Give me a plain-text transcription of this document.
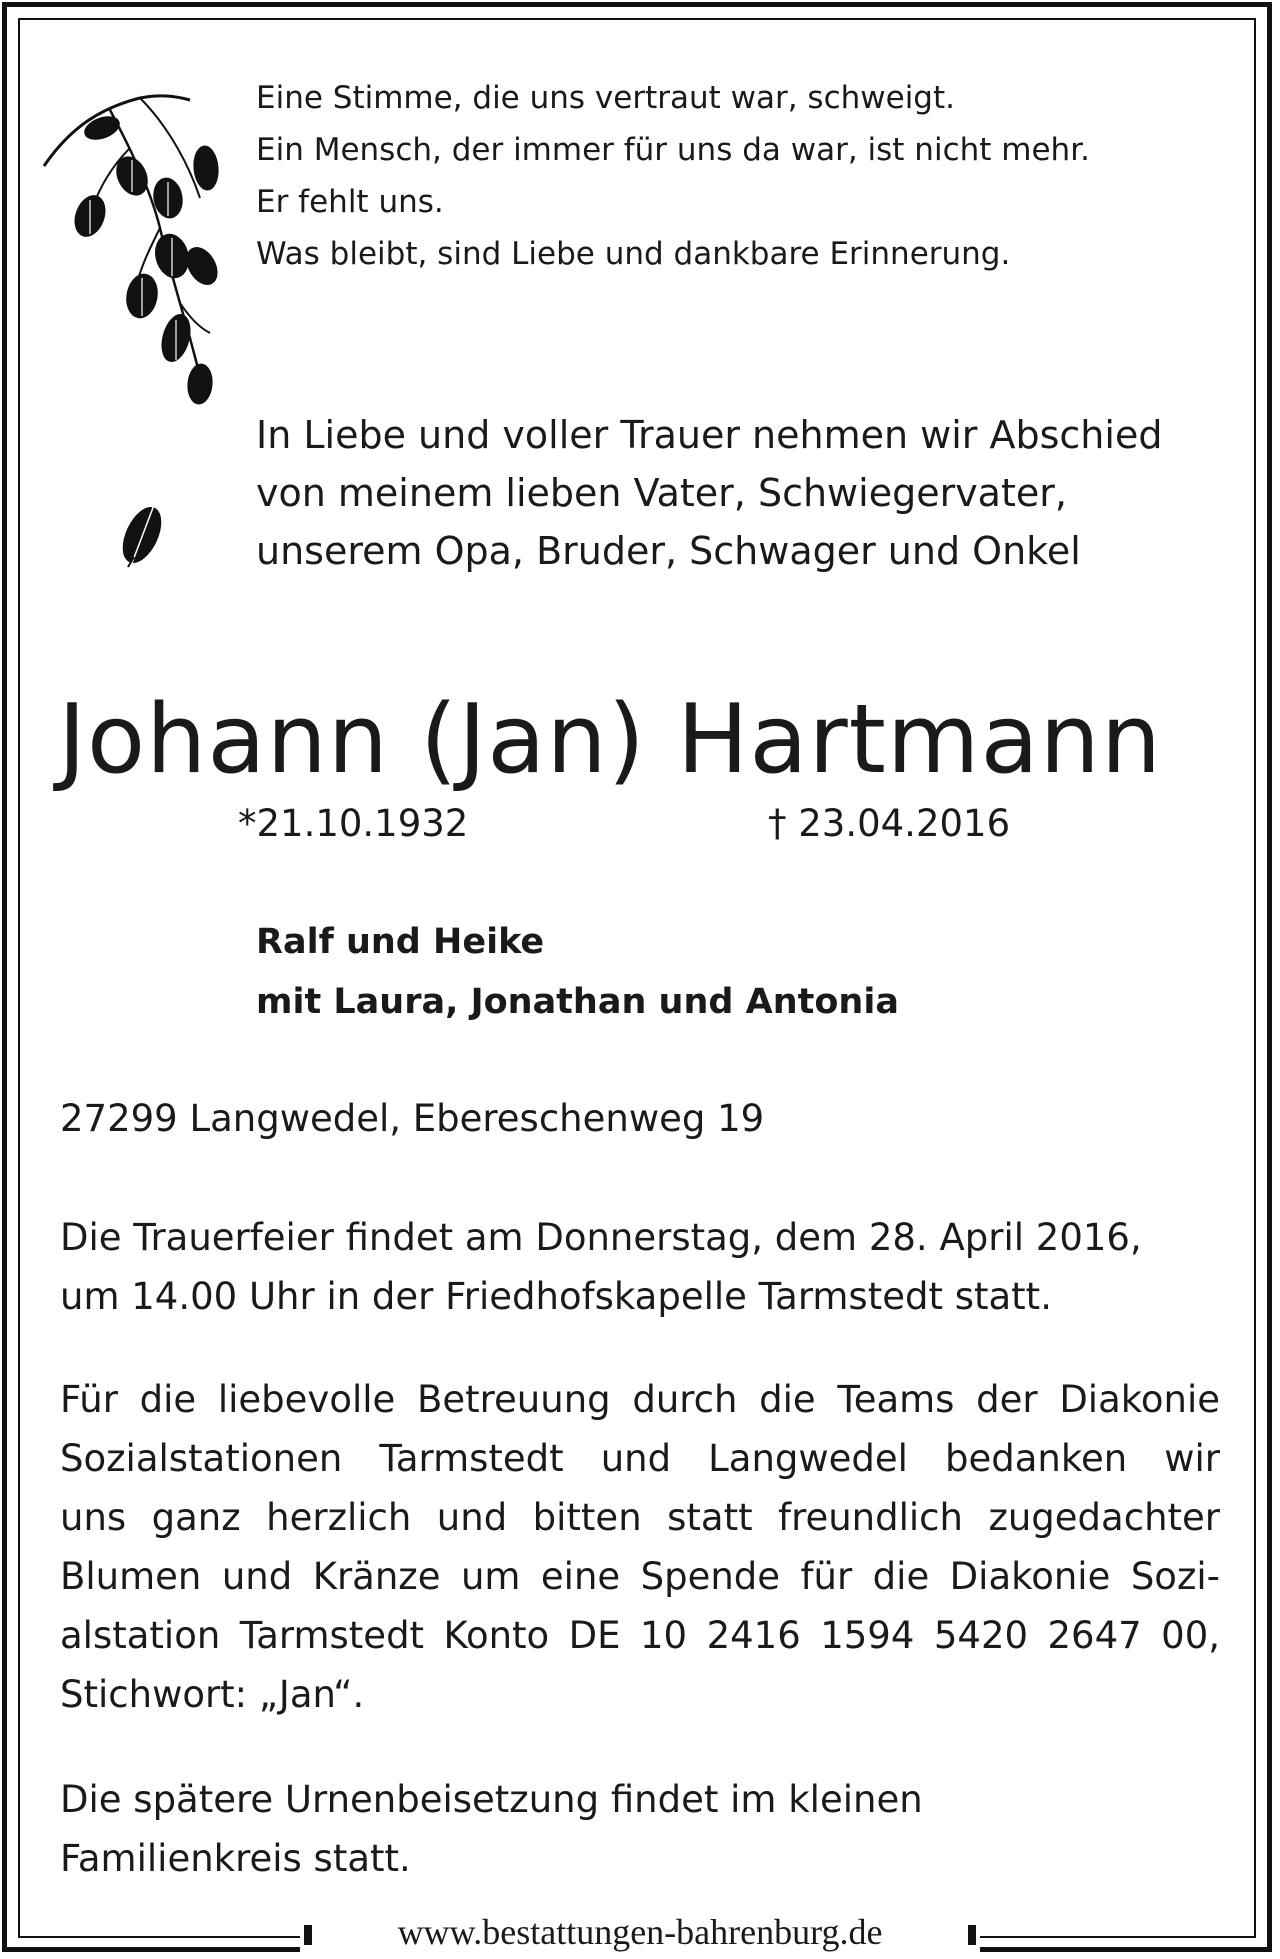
Eine Stimme, die uns vertraut war, schweigt.
Ein Mensch, der immer für uns da war, ist nicht mehr.
Er fehlt uns.
Was bleibt, sind Liebe und dankbare Erinnerung.
In Liebe und voller Trauer nehmen wir Abschied
von meinem lieben Vater, Schwiegervater,
unserem Opa, Bruder, Schwager und Onkel
Johann (Jan) Hartmann
*21.10.1932	† 23.04.2016
Ralf und Heike
mit Laura, Jonathan und Antonia
27299 Langwedel, Ebereschenweg 19
Die Trauerfeier findet am Donnerstag, dem 28. April 2016,
um 14.00 Uhr in der Friedhofskapelle Tarmstedt statt.
Für die liebevolle Betreuung durch die Teams der Diakonie
Sozialstationen Tarmstedt und Langwedel bedanken wir
uns ganz herzlich und bitten statt freundlich zugedachter
Blumen und Kränze um eine Spende für die Diakonie Sozi-
alstation Tarmstedt Konto DE 10 2416 1594 5420 2647 00,
Stichwort: „Jan“.
Die spätere Urnenbeisetzung findet im kleinen
Familienkreis statt.
www.bestattungen-bahrenburg.de
